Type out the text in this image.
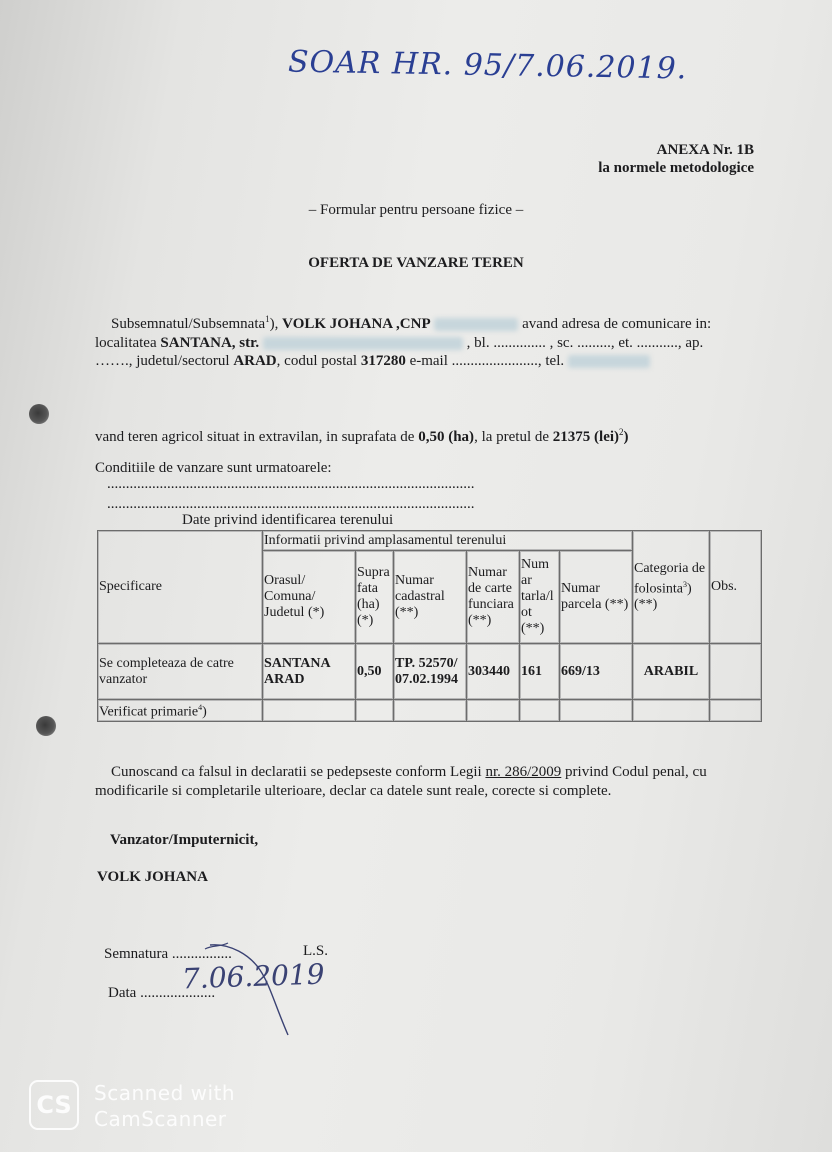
SOAR HR. 95/7.06.2019.
ANEXA Nr. 1B
la normele metodologice
– Formular pentru persoane fizice –
OFERTA DE VANZARE TEREN
Subsemnatul/Subsemnata$^1$), VOLK JOHANA ,CNP	avand adresa de comunicare in: localitatea SANTANA, str.	, bl. .............. , sc. ........., et. ..........., ap. ……., judetul/sectorul ARAD, codul postal 317280 e-mail ......................., tel.
vand teren agricol situat in extravilan, in suprafata de 0,50 (ha), la pretul de 21375 (lei)$^2$)
Conditiile de vanzare sunt urmatoarele:
..................................................................................................
..................................................................................................
Date privind identificarea terenului
Specificare	Informatii privind amplasamentul terenului						Categoria de folosinta$^3$) (**)	Obs.
	Orasul/ Comuna/ Judetul (*)	Supra fata (ha) (*)	Numar cadastral (**)	Numar de carte funciara (**)	Num ar tarla/l ot (**)	Numar parcela (**)		
Se completeaza de catre vanzator	SANTANA ARAD	0,50	TP. 52570/ 07.02.1994	303440	161	669/13	ARABIL	
Verificat primarie$^4$)								
Cunoscand ca falsul in declaratii se pedepseste conform Legii nr. 286/2009 privind Codul penal, cu modificarile si completarile ulterioare, declar ca datele sunt reale, corecte si complete.
Vanzator/Imputernicit,
VOLK JOHANA
Semnatura ................	L.S.
Data ....................
7.06.2019
CS	Scanned with
CamScanner
